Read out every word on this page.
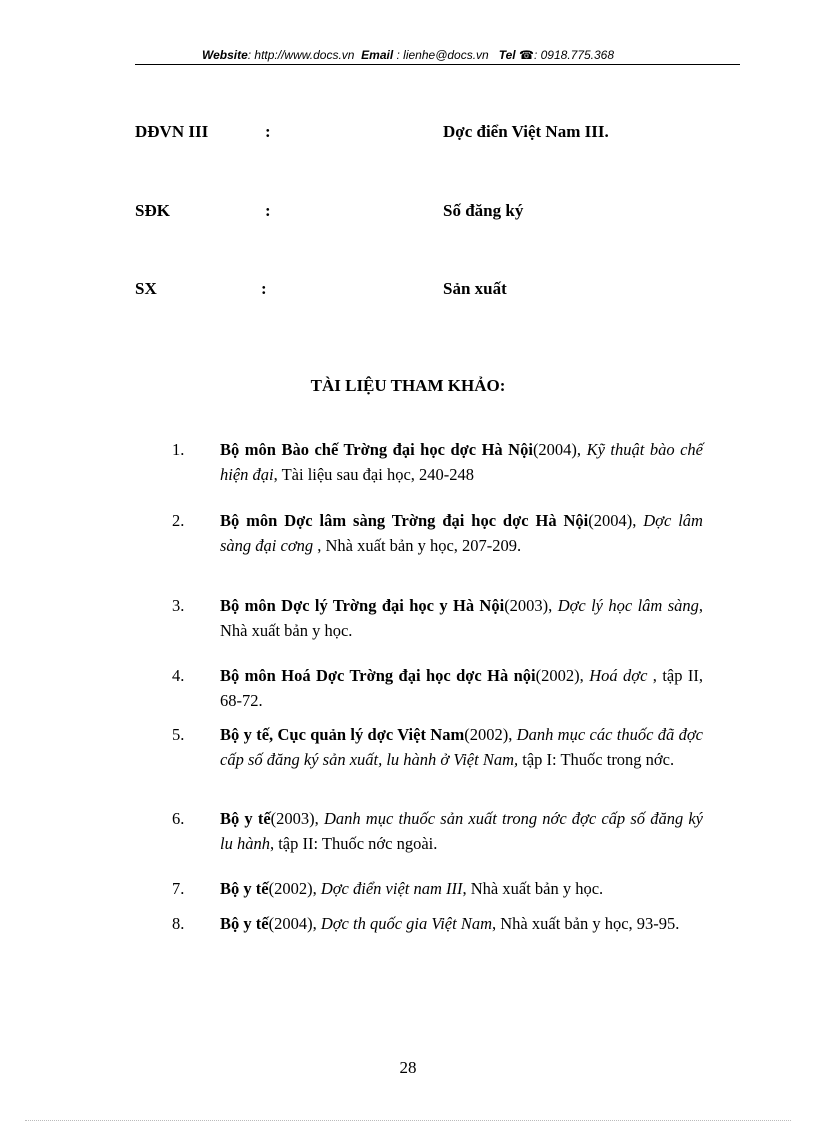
Website: http://www.docs.vn Email : lienhe@docs.vn Tel ☎: 0918.775.368
DĐVN III	:	Dợc điển Việt Nam III.
SĐK	:	Số đăng ký
SX	:	Sản xuất
TÀI LIỆU THAM KHẢO:
1. Bộ môn Bào chế Trờng đại học dợc Hà Nội(2004), Kỹ thuật bào chế hiện đại, Tài liệu sau đại học, 240-248
2. Bộ môn Dợc lâm sàng Trờng đại học dợc Hà Nội(2004), Dợc lâm sàng đại cơng , Nhà xuất bản y học, 207-209.
3. Bộ môn Dợc lý Trờng đại học y Hà Nội(2003), Dợc lý học lâm sàng, Nhà xuất bản y học.
4. Bộ môn Hoá Dợc Trờng đại học dợc Hà nội(2002), Hoá dợc , tập II, 68-72.
5. Bộ y tế, Cục quản lý dợc Việt Nam(2002), Danh mục các thuốc đã đợc cấp số đăng ký sản xuất, lu hành ở Việt Nam, tập I: Thuốc trong nớc.
6. Bộ y tế(2003), Danh mục thuốc sản xuất trong nớc đợc cấp số đăng ký lu hành, tập II: Thuốc nớc ngoài.
7. Bộ y tế(2002), Dợc điển việt nam III, Nhà xuất bản y học.
8. Bộ y tế(2004), Dợc th quốc gia Việt Nam, Nhà xuất bản y học, 93-95.
28
